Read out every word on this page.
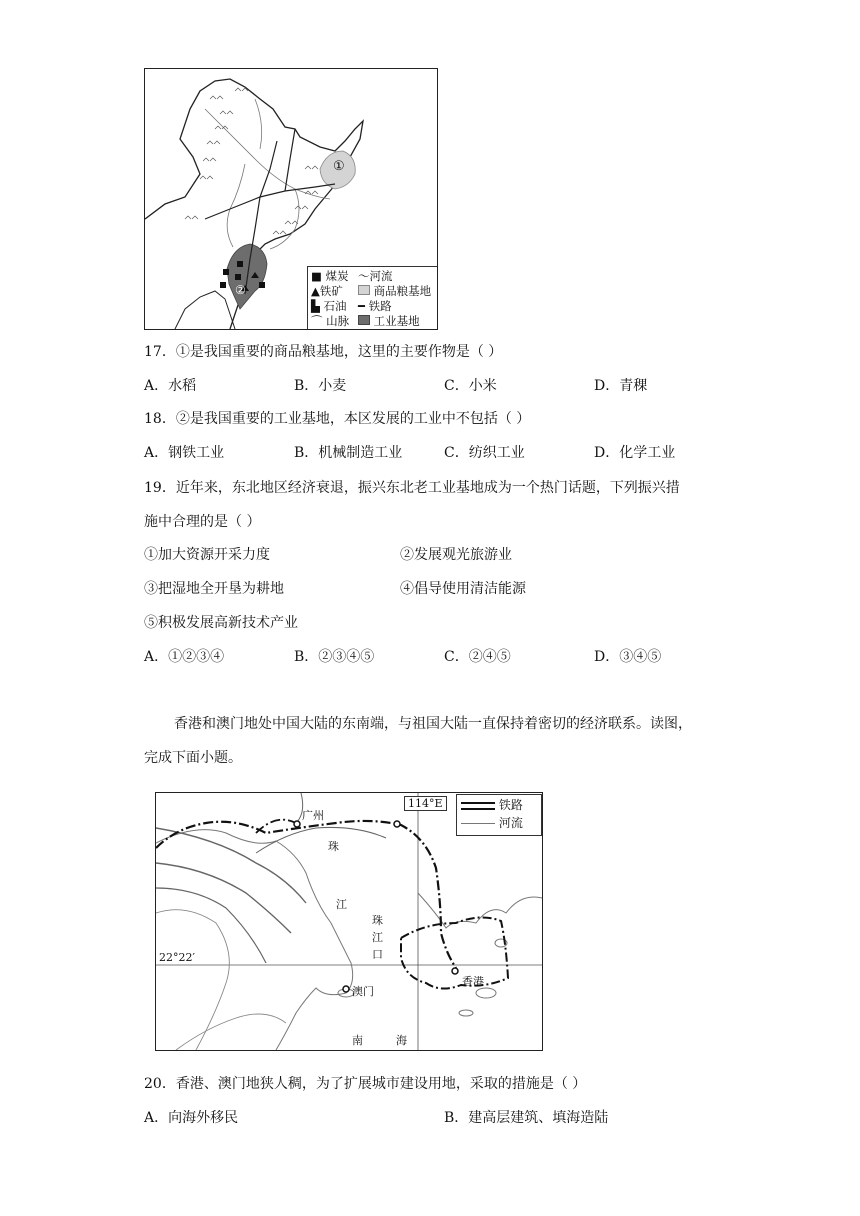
①
②
■ 煤炭 ～河流
▲铁矿	商品粮基地
▙ 石油 ━ 铁路
⌒ 山脉	工业基地
17．①是我国重要的商品粮基地，这里的主要作物是（ ）
A．水稻	B．小麦	C．小米	D．青稞
18．②是我国重要的工业基地，本区发展的工业中不包括（ ）
A．钢铁工业	B．机械制造工业	C．纺织工业	D．化学工业
19．近年来，东北地区经济衰退，振兴东北老工业基地成为一个热门话题，下列振兴措
施中合理的是（ ）
①加大资源开采力度	②发展观光旅游业
③把湿地全开垦为耕地	④倡导使用清洁能源
⑤积极发展高新技术产业
A．①②③④	B．②③④⑤	C．②④⑤	D．③④⑤
香港和澳门地处中国大陆的东南端，与祖国大陆一直保持着密切的经济联系。读图，
完成下面小题。
114°E
22°22′
广州
珠
江
珠
江
口
澳门
香港
南	海
铁路
河流
20．香港、澳门地狭人稠，为了扩展城市建设用地，采取的措施是（ ）
A．向海外移民	B．建高层建筑、填海造陆
